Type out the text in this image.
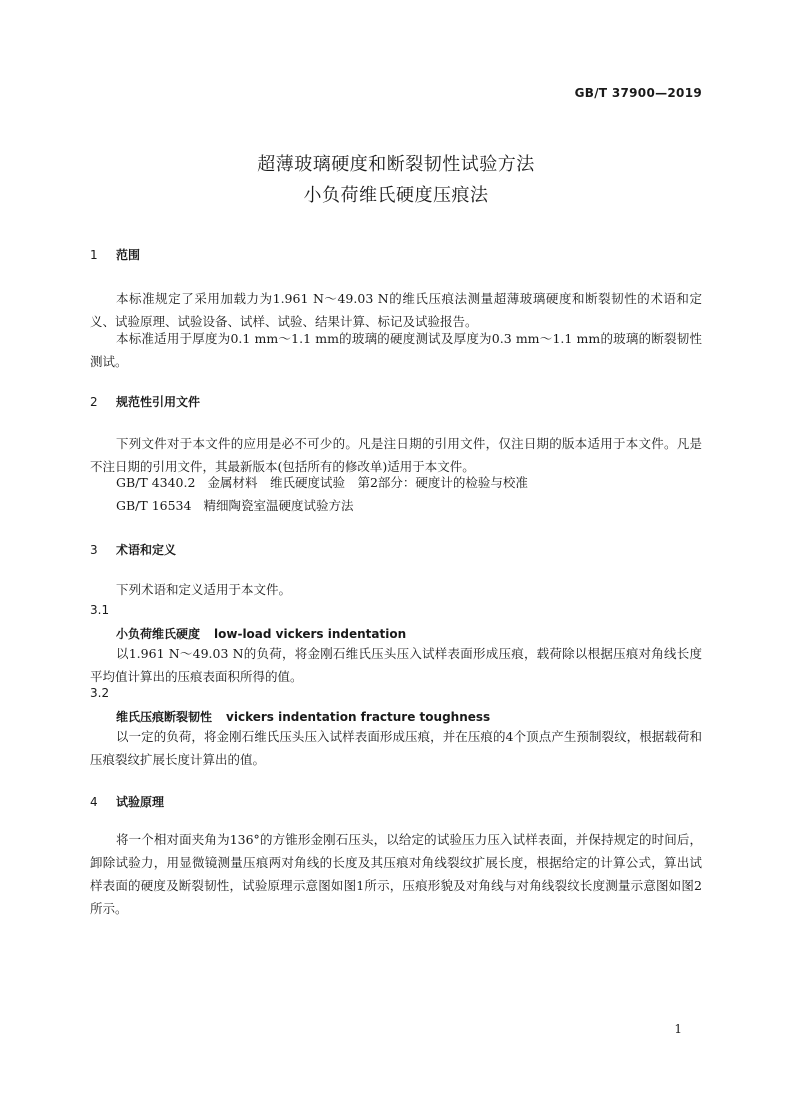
GB/T 37900—2019
超薄玻璃硬度和断裂韧性试验方法
小负荷维氏硬度压痕法
1 范围
本标准规定了采用加载力为1.961 N～49.03 N的维氏压痕法测量超薄玻璃硬度和断裂韧性的术语和定义、试验原理、试验设备、试样、试验、结果计算、标记及试验报告。
本标准适用于厚度为0.1 mm～1.1 mm的玻璃的硬度测试及厚度为0.3 mm～1.1 mm的玻璃的断裂韧性测试。
2 规范性引用文件
下列文件对于本文件的应用是必不可少的。凡是注日期的引用文件，仅注日期的版本适用于本文件。凡是不注日期的引用文件，其最新版本(包括所有的修改单)适用于本文件。
GB/T 4340.2 金属材料　维氏硬度试验　第2部分：硬度计的检验与校准
GB/T 16534 精细陶瓷室温硬度试验方法
3 术语和定义
下列术语和定义适用于本文件。
3.1
小负荷维氏硬度 low-load vickers indentation
以1.961 N～49.03 N的负荷，将金刚石维氏压头压入试样表面形成压痕，载荷除以根据压痕对角线长度平均值计算出的压痕表面积所得的值。
3.2
维氏压痕断裂韧性 vickers indentation fracture toughness
以一定的负荷，将金刚石维氏压头压入试样表面形成压痕，并在压痕的4个顶点产生预制裂纹，根据载荷和压痕裂纹扩展长度计算出的值。
4 试验原理
将一个相对面夹角为136°的方锥形金刚石压头，以给定的试验压力压入试样表面，并保持规定的时间后，卸除试验力，用显微镜测量压痕两对角线的长度及其压痕对角线裂纹扩展长度，根据给定的计算公式，算出试样表面的硬度及断裂韧性，试验原理示意图如图1所示，压痕形貌及对角线与对角线裂纹长度测量示意图如图2所示。
1
